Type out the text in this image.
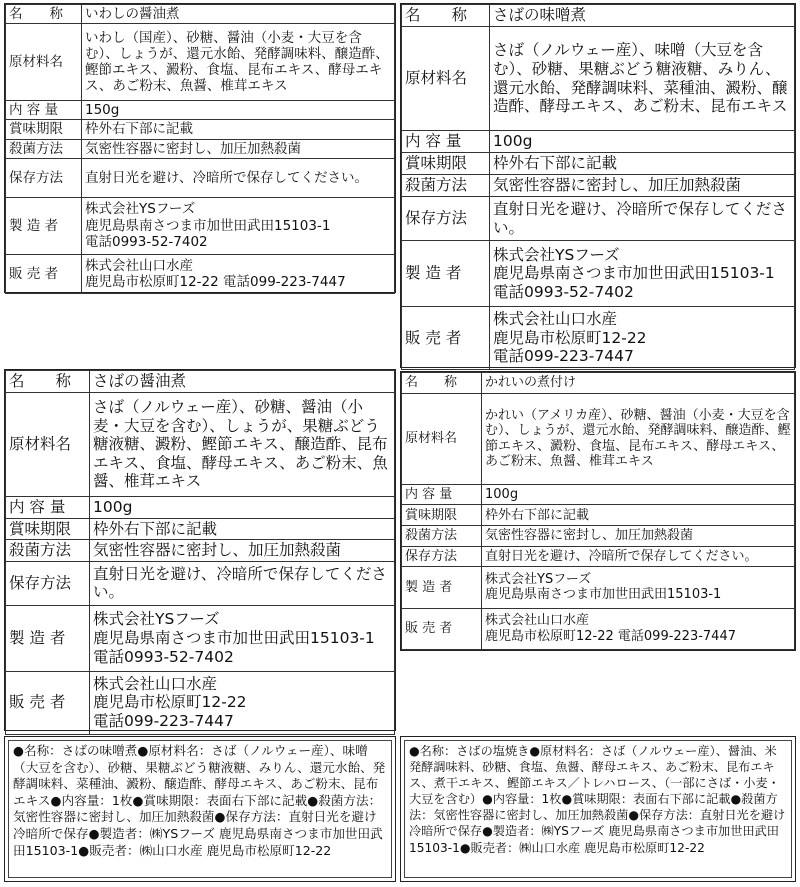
名　　称	いわしの醤油煮
原材料名	いわし（国産）、砂糖、醤油（小麦・大豆を含む）、しょうが、還元水飴、発酵調味料、醸造酢、鰹節エキス、澱粉、食塩、昆布エキス、酵母エキス、あご粉末、魚醤、椎茸エキス
内 容 量	150g
賞味期限	枠外右下部に記載
殺菌方法	気密性容器に密封し、加圧加熱殺菌
保存方法	直射日光を避け、冷暗所で保存してください。
製 造 者	株式会社YSフーズ
鹿児島県南さつま市加世田武田15103-1
電話0993-52-7402
販 売 者	株式会社山口水産
鹿児島市松原町12-22 電話099-223-7447
名　　称	さばの味噌煮
原材料名	さば（ノルウェー産）、味噌（大豆を含む）、砂糖、果糖ぶどう糖液糖、みりん、還元水飴、発酵調味料、菜種油、澱粉、醸造酢、酵母エキス、あご粉末、昆布エキス
内 容 量	100g
賞味期限	枠外右下部に記載
殺菌方法	気密性容器に密封し、加圧加熱殺菌
保存方法	直射日光を避け、冷暗所で保存してください。
製 造 者	株式会社YSフーズ
鹿児島県南さつま市加世田武田15103-1
電話0993-52-7402
販 売 者	株式会社山口水産
鹿児島市松原町12-22
電話099-223-7447
名　　称	さばの醤油煮
原材料名	さば（ノルウェー産）、砂糖、醤油（小麦・大豆を含む）、しょうが、果糖ぶどう糖液糖、澱粉、鰹節エキス、醸造酢、昆布エキス、食塩、酵母エキス、あご粉末、魚醤、椎茸エキス
内 容 量	100g
賞味期限	枠外右下部に記載
殺菌方法	気密性容器に密封し、加圧加熱殺菌
保存方法	直射日光を避け、冷暗所で保存してください。
製 造 者	株式会社YSフーズ
鹿児島県南さつま市加世田武田15103-1
電話0993-52-7402
販 売 者	株式会社山口水産
鹿児島市松原町12-22
電話099-223-7447
名　　称	かれいの煮付け
原材料名	かれい（アメリカ産）、砂糖、醤油（小麦・大豆を含む）、しょうが、還元水飴、発酵調味料、醸造酢、鰹節エキス、澱粉、食塩、昆布エキス、酵母エキス、あご粉末、魚醤、椎茸エキス
内 容 量	100g
賞味期限	枠外右下部に記載
殺菌方法	気密性容器に密封し、加圧加熱殺菌
保存方法	直射日光を避け、冷暗所で保存してください。
製 造 者	株式会社YSフーズ
鹿児島県南さつま市加世田武田15103-1
販 売 者	株式会社山口水産
鹿児島市松原町12-22 電話099-223-7447
●名称：さばの味噌煮●原材料名：さば（ノルウェー産）、味噌（大豆を含む）、砂糖、果糖ぶどう糖液糖、みりん、還元水飴、発酵調味料、菜種油、澱粉、醸造酢、酵母エキス、あご粉末、昆布エキス●内容量：1枚●賞味期限：表面右下部に記載●殺菌方法：気密性容器に密封し、加圧加熱殺菌●保存方法：直射日光を避け冷暗所で保存●製造者：㈱YSフーズ 鹿児島県南さつま市加世田武田15103-1●販売者：㈱山口水産 鹿児島市松原町12-22
●名称：さばの塩焼き●原材料名：さば（ノルウェー産）、醤油、米発酵調味料、砂糖、食塩、魚醤、酵母エキス、あご粉末、昆布エキス、煮干エキス、鰹節エキス／トレハロース、（一部にさば・小麦・大豆を含む）●内容量：1枚●賞味期限：表面右下部に記載●殺菌方法：気密性容器に密封し、加圧加熱殺菌●保存方法：直射日光を避け冷暗所で保存●製造者：㈱YSフーズ 鹿児島県南さつま市加世田武田15103-1●販売者：㈱山口水産 鹿児島市松原町12-22
